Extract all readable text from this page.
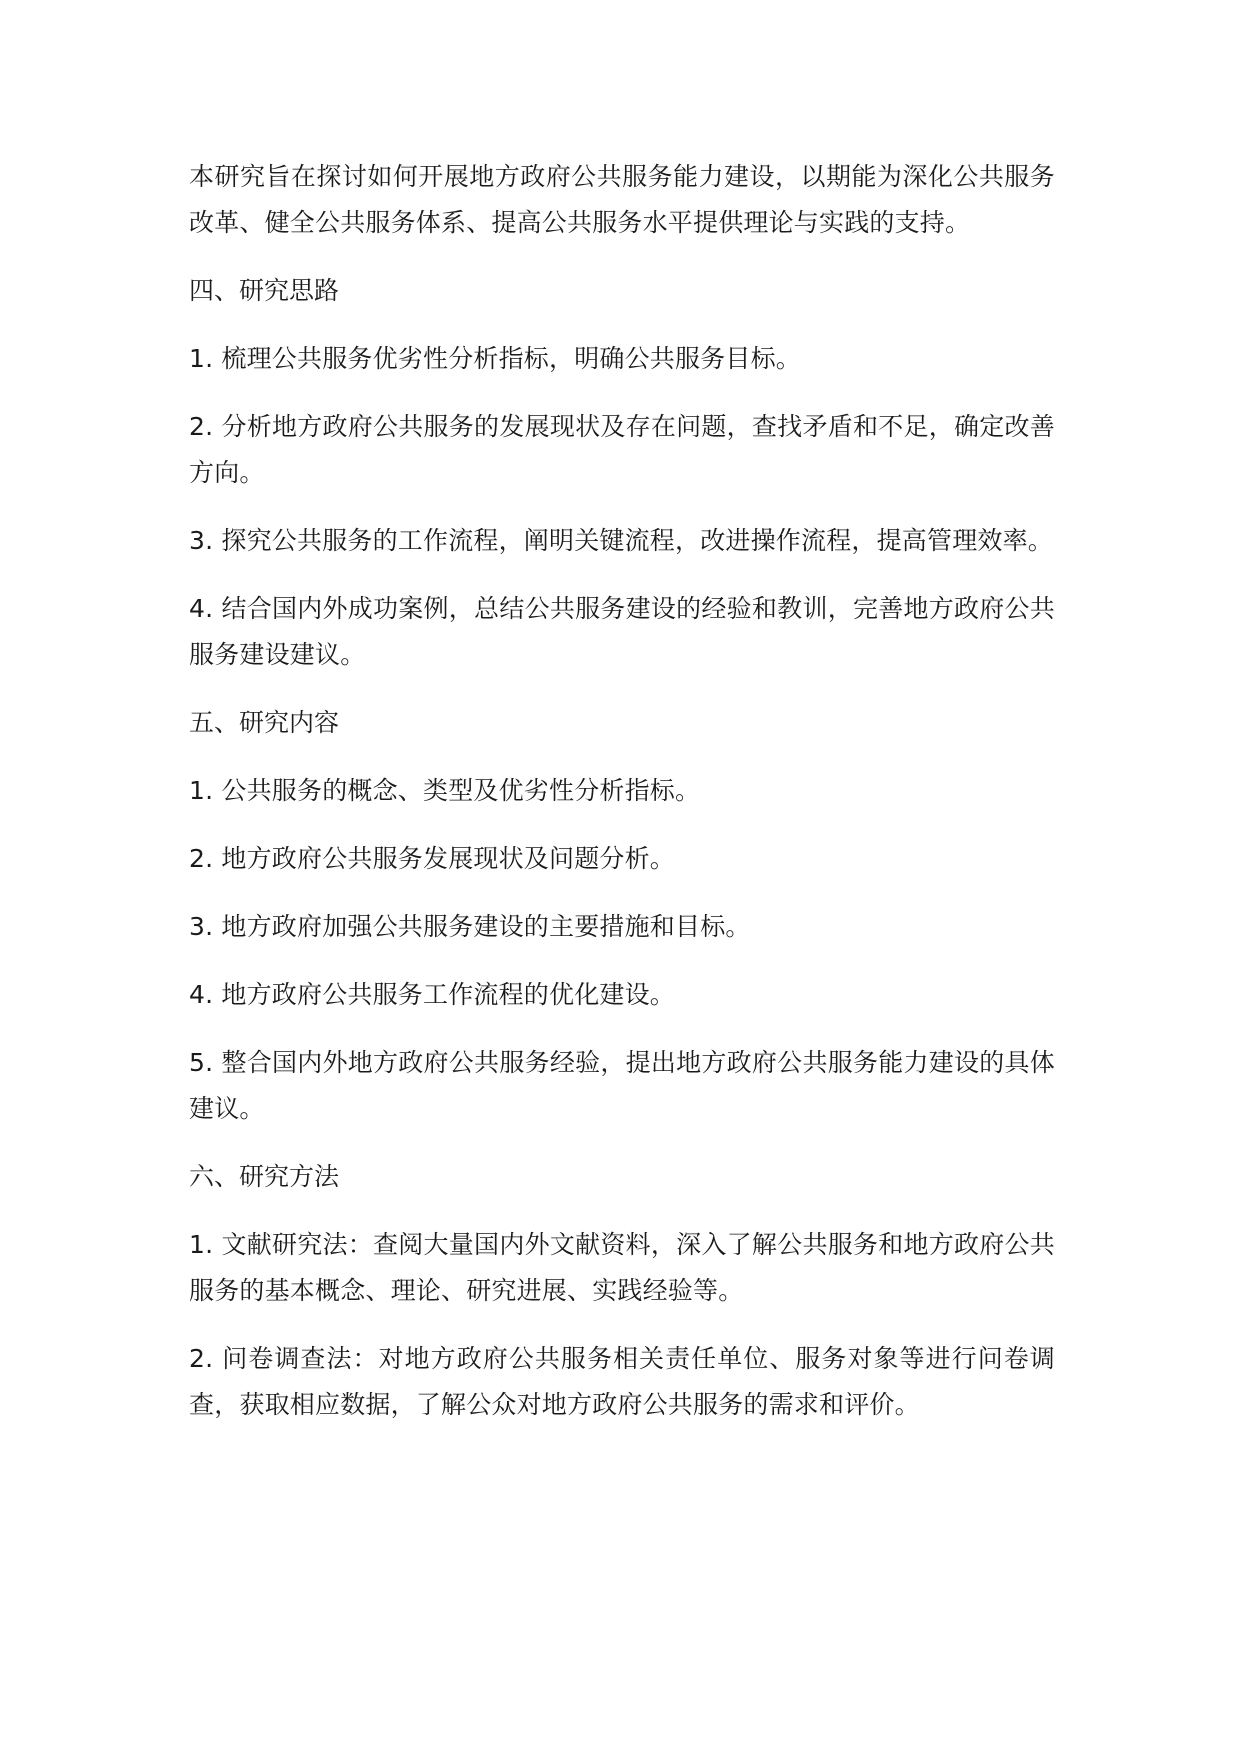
本研究旨在探讨如何开展地方政府公共服务能力建设，以期能为深化公共服务改革、健全公共服务体系、提高公共服务水平提供理论与实践的支持。

四、研究思路

1. 梳理公共服务优劣性分析指标，明确公共服务目标。

2. 分析地方政府公共服务的发展现状及存在问题，查找矛盾和不足，确定改善方向。

3. 探究公共服务的工作流程，阐明关键流程，改进操作流程，提高管理效率。

4. 结合国内外成功案例，总结公共服务建设的经验和教训，完善地方政府公共服务建设建议。

五、研究内容

1. 公共服务的概念、类型及优劣性分析指标。

2. 地方政府公共服务发展现状及问题分析。

3. 地方政府加强公共服务建设的主要措施和目标。

4. 地方政府公共服务工作流程的优化建设。

5. 整合国内外地方政府公共服务经验，提出地方政府公共服务能力建设的具体建议。

六、研究方法

1. 文献研究法：查阅大量国内外文献资料，深入了解公共服务和地方政府公共服务的基本概念、理论、研究进展、实践经验等。

2. 问卷调查法：对地方政府公共服务相关责任单位、服务对象等进行问卷调查，获取相应数据，了解公众对地方政府公共服务的需求和评价。
